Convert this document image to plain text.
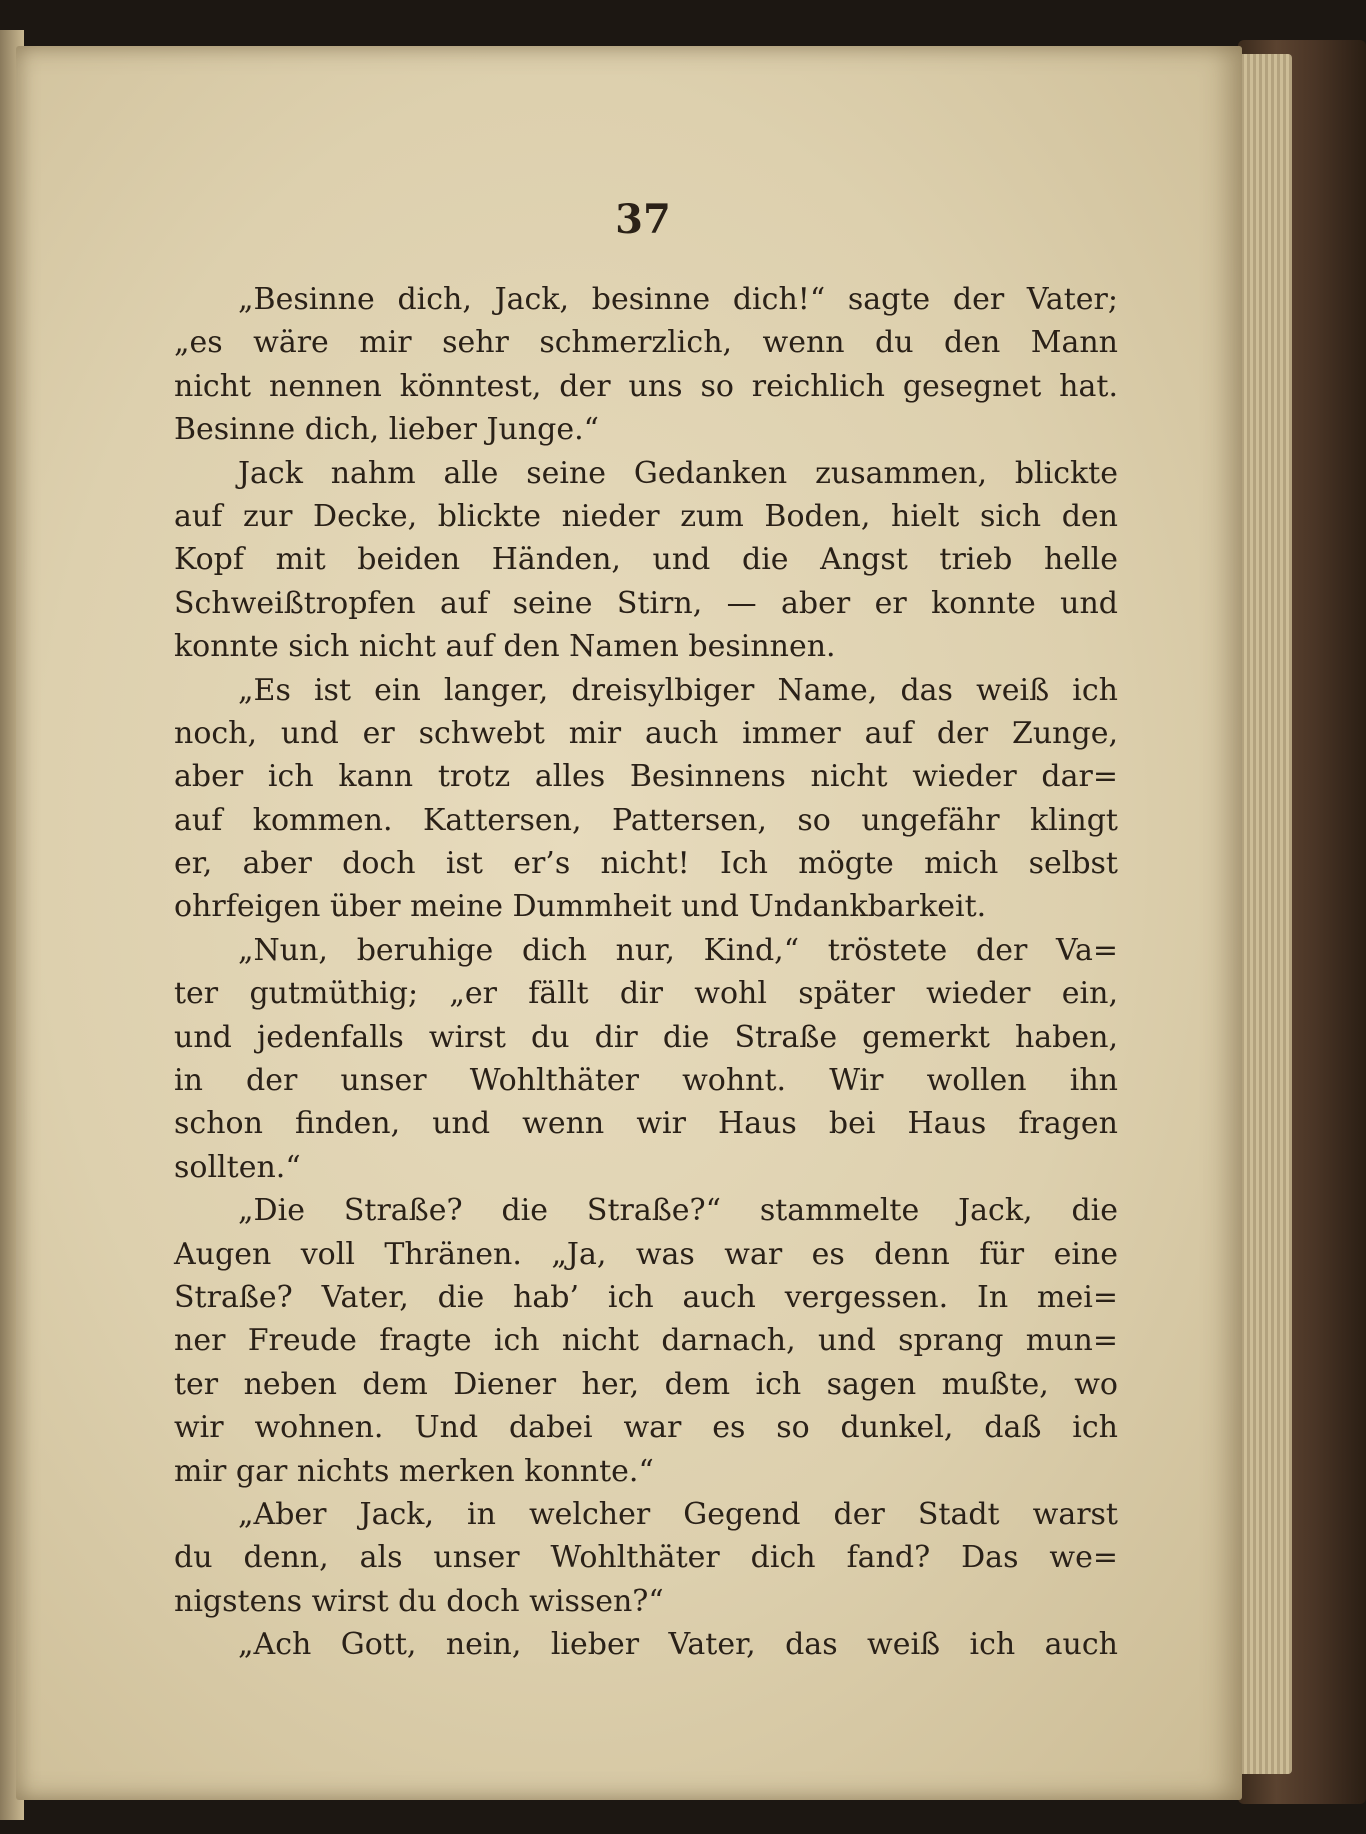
37
„Besinne dich, Jack, besinne dich!“ sagte der Vater;
„es wäre mir sehr schmerzlich, wenn du den Mann
nicht nennen könntest, der uns so reichlich gesegnet hat.
Besinne dich, lieber Junge.“
Jack nahm alle seine Gedanken zusammen, blickte
auf zur Decke, blickte nieder zum Boden, hielt sich den
Kopf mit beiden Händen, und die Angst trieb helle
Schweißtropfen auf seine Stirn, — aber er konnte und
konnte sich nicht auf den Namen besinnen.
„Es ist ein langer, dreisylbiger Name, das weiß ich
noch, und er schwebt mir auch immer auf der Zunge,
aber ich kann trotz alles Besinnens nicht wieder dar=
auf kommen. Kattersen, Pattersen, so ungefähr klingt
er, aber doch ist er’s nicht! Ich mögte mich selbst
ohrfeigen über meine Dummheit und Undankbarkeit.
„Nun, beruhige dich nur, Kind,“ tröstete der Va=
ter gutmüthig; „er fällt dir wohl später wieder ein,
und jedenfalls wirst du dir die Straße gemerkt haben,
in der unser Wohlthäter wohnt. Wir wollen ihn
schon finden, und wenn wir Haus bei Haus fragen
sollten.“
„Die Straße? die Straße?“ stammelte Jack, die
Augen voll Thränen. „Ja, was war es denn für eine
Straße? Vater, die hab’ ich auch vergessen. In mei=
ner Freude fragte ich nicht darnach, und sprang mun=
ter neben dem Diener her, dem ich sagen mußte, wo
wir wohnen. Und dabei war es so dunkel, daß ich
mir gar nichts merken konnte.“
„Aber Jack, in welcher Gegend der Stadt warst
du denn, als unser Wohlthäter dich fand? Das we=
nigstens wirst du doch wissen?“
„Ach Gott, nein, lieber Vater, das weiß ich auch
